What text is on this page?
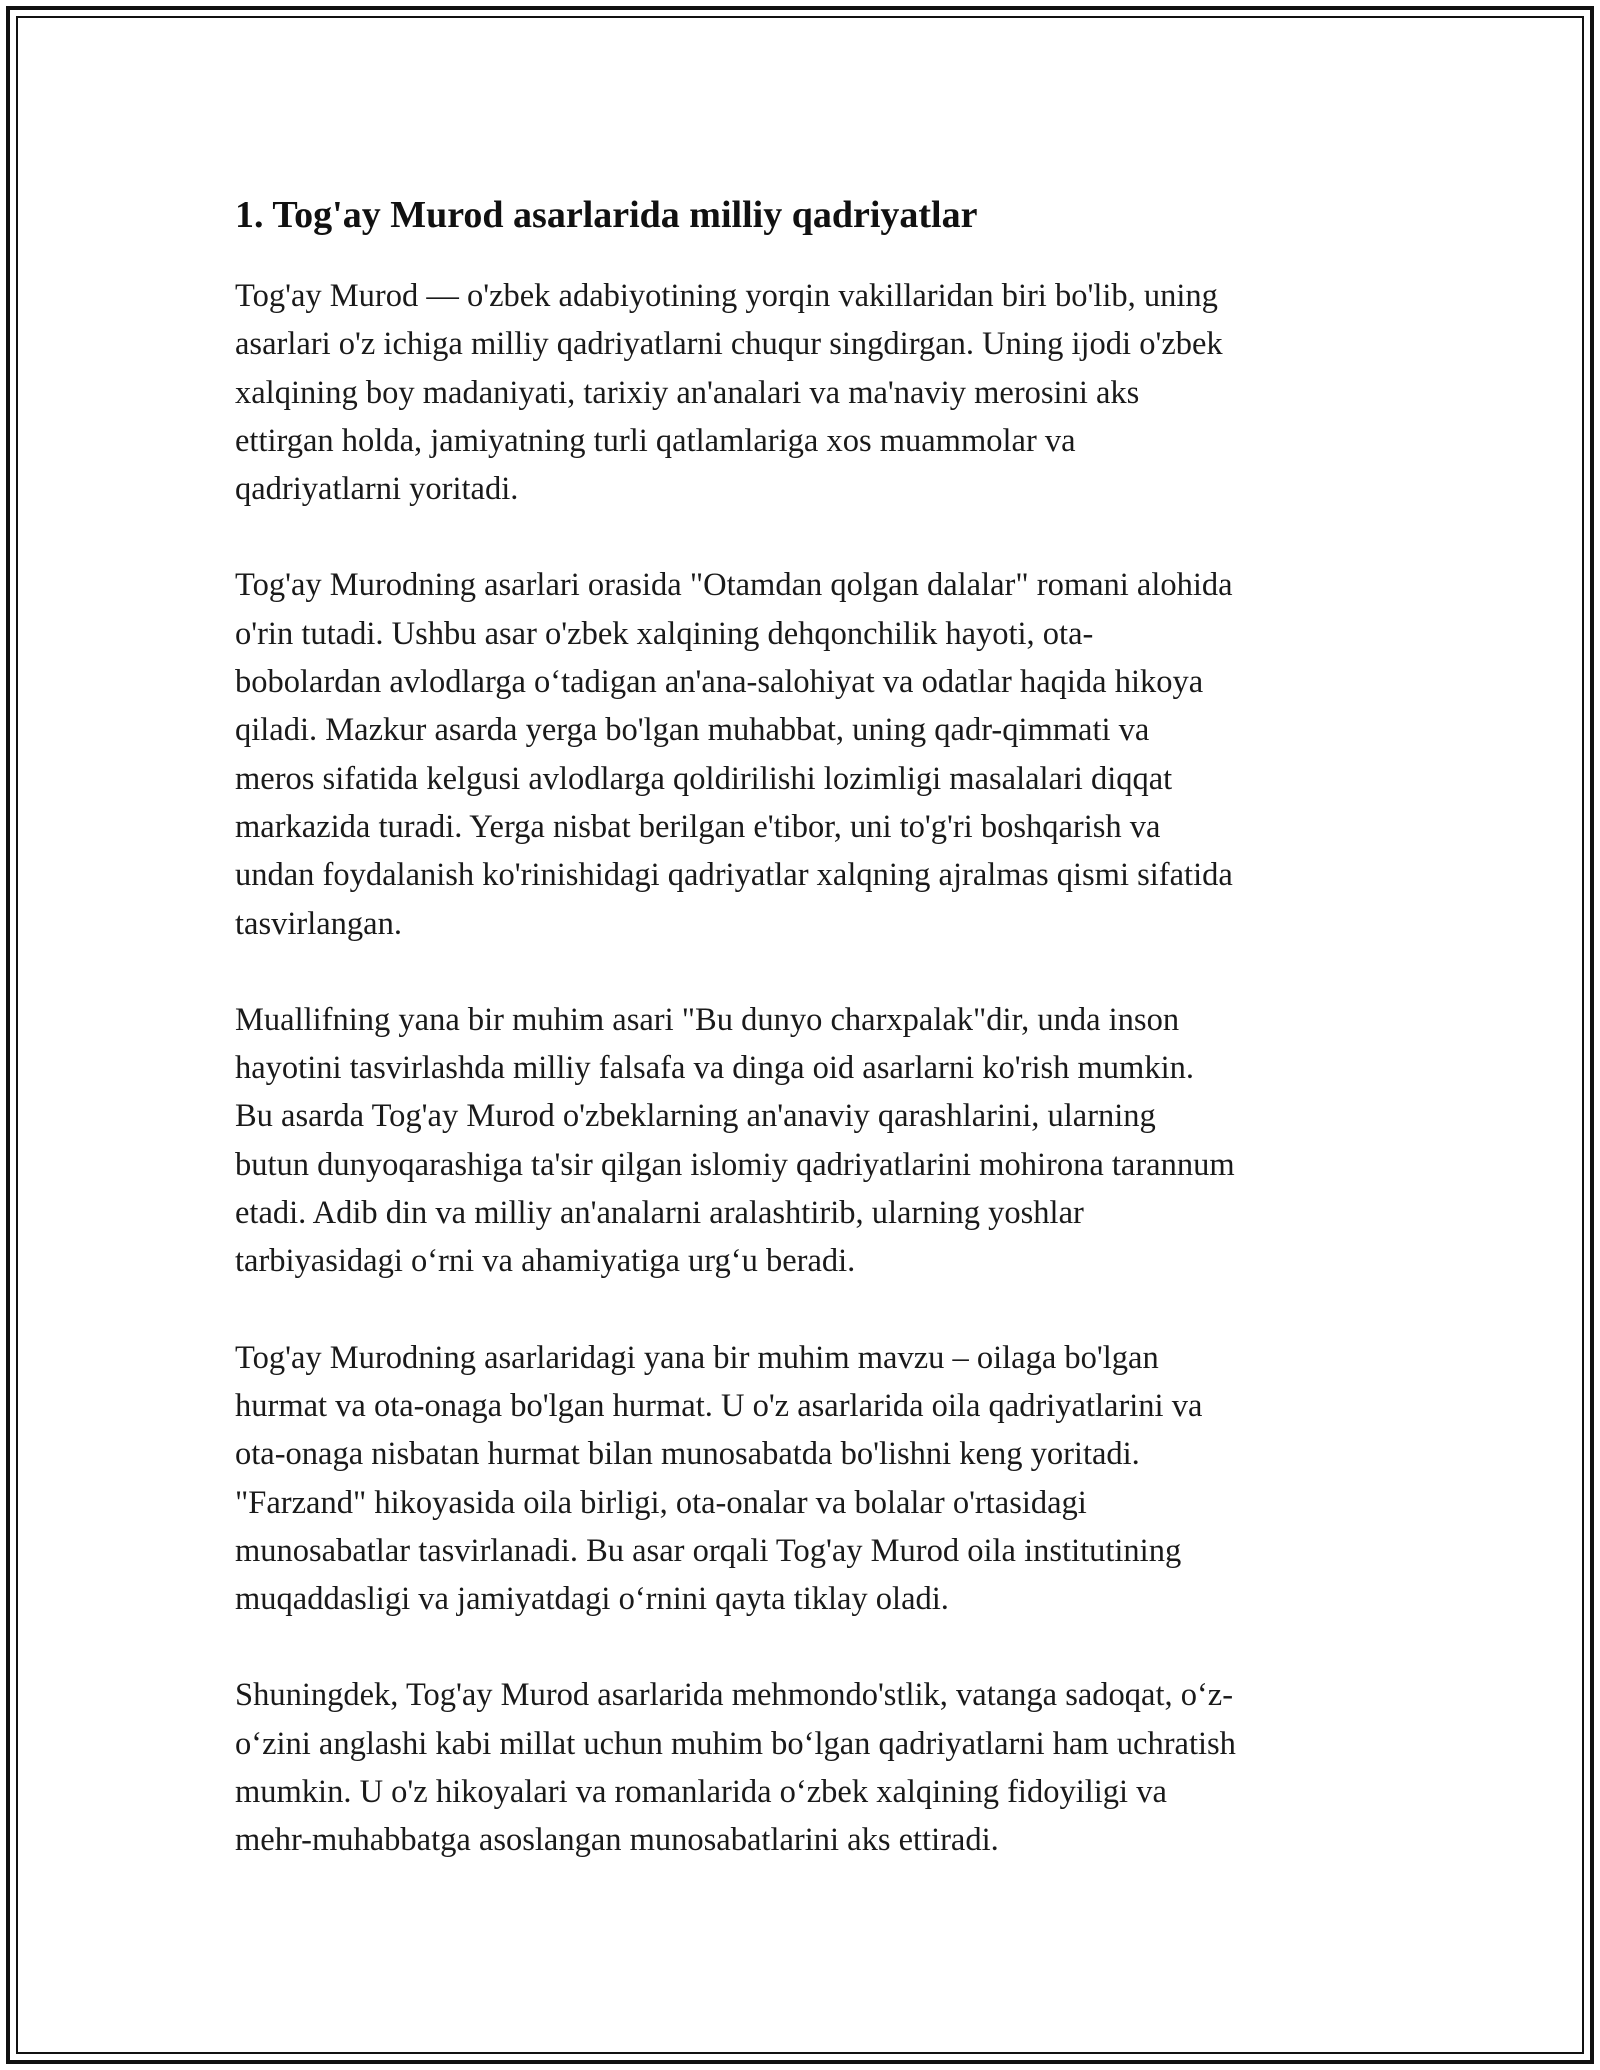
1. Tog'ay Murod asarlarida milliy qadriyatlar

Tog'ay Murod — o'zbek adabiyotining yorqin vakillaridan biri bo'lib, uning
asarlari o'z ichiga milliy qadriyatlarni chuqur singdirgan. Uning ijodi o'zbek
xalqining boy madaniyati, tarixiy an'analari va ma'naviy merosini aks
ettirgan holda, jamiyatning turli qatlamlariga xos muammolar va
qadriyatlarni yoritadi.

Tog'ay Murodning asarlari orasida "Otamdan qolgan dalalar" romani alohida
o'rin tutadi. Ushbu asar o'zbek xalqining dehqonchilik hayoti, ota-
bobolardan avlodlarga o‘tadigan an'ana-salohiyat va odatlar haqida hikoya
qiladi. Mazkur asarda yerga bo'lgan muhabbat, uning qadr-qimmati va
meros sifatida kelgusi avlodlarga qoldirilishi lozimligi masalalari diqqat
markazida turadi. Yerga nisbat berilgan e'tibor, uni to'g'ri boshqarish va
undan foydalanish ko'rinishidagi qadriyatlar xalqning ajralmas qismi sifatida
tasvirlangan.

Muallifning yana bir muhim asari "Bu dunyo charxpalak"dir, unda inson
hayotini tasvirlashda milliy falsafa va dinga oid asarlarni ko'rish mumkin.
Bu asarda Tog'ay Murod o'zbeklarning an'anaviy qarashlarini, ularning
butun dunyoqarashiga ta'sir qilgan islomiy qadriyatlarini mohirona tarannum
etadi. Adib din va milliy an'analarni aralashtirib, ularning yoshlar
tarbiyasidagi o‘rni va ahamiyatiga urg‘u beradi.

Tog'ay Murodning asarlaridagi yana bir muhim mavzu – oilaga bo'lgan
hurmat va ota-onaga bo'lgan hurmat. U o'z asarlarida oila qadriyatlarini va
ota-onaga nisbatan hurmat bilan munosabatda bo'lishni keng yoritadi.
"Farzand" hikoyasida oila birligi, ota-onalar va bolalar o'rtasidagi
munosabatlar tasvirlanadi. Bu asar orqali Tog'ay Murod oila institutining
muqaddasligi va jamiyatdagi o‘rnini qayta tiklay oladi.

Shuningdek, Tog'ay Murod asarlarida mehmondo'stlik, vatanga sadoqat, o‘z-
o‘zini anglashi kabi millat uchun muhim bo‘lgan qadriyatlarni ham uchratish
mumkin. U o'z hikoyalari va romanlarida o‘zbek xalqining fidoyiligi va
mehr-muhabbatga asoslangan munosabatlarini aks ettiradi.
